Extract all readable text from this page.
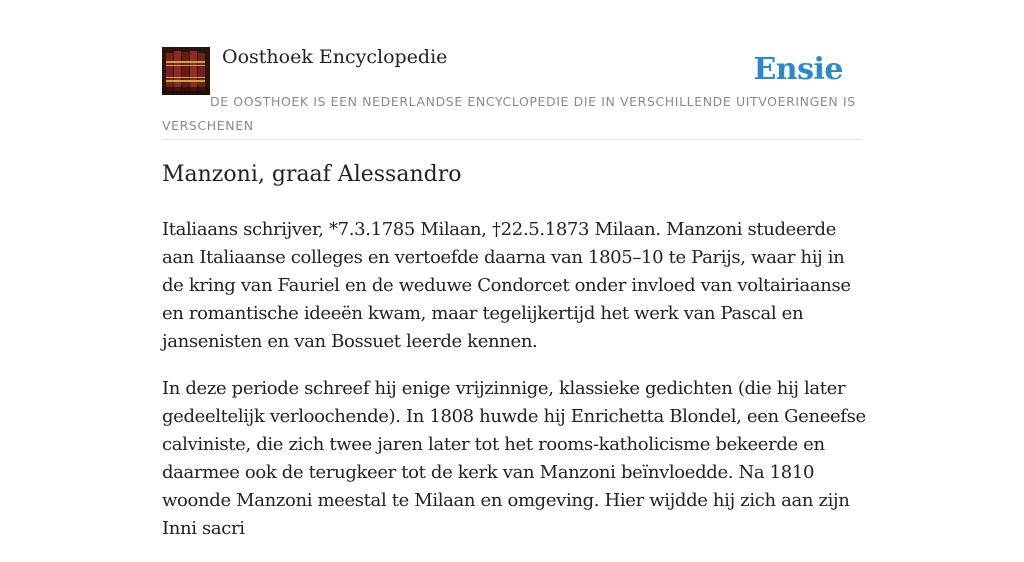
Oosthoek Encyclopedie	Ensie
DE OOSTHOEK IS EEN NEDERLANDSE ENCYCLOPEDIE DIE IN VERSCHILLENDE UITVOERINGEN IS VERSCHENEN
Manzoni, graaf Alessandro

Italiaans schrijver, *7.3.1785 Milaan, †22.5.1873 Milaan. Manzoni studeerde aan Italiaanse colleges en vertoefde daarna van 1805–10 te Parijs, waar hij in de kring van Fauriel en de weduwe Condorcet onder invloed van voltairiaanse en romantische ideeën kwam, maar tegelijkertijd het werk van Pascal en jansenisten en van Bossuet leerde kennen.

In deze periode schreef hij enige vrijzinnige, klassieke gedichten (die hij later gedeeltelijk verloochende). In 1808 huwde hij Enrichetta Blondel, een Geneefse calviniste, die zich twee jaren later tot het rooms-katholicisme bekeerde en daarmee ook de terugkeer tot de kerk van Manzoni beïnvloedde. Na 1810 woonde Manzoni meestal te Milaan en omgeving. Hier wijdde hij zich aan zijn Inni sacri
